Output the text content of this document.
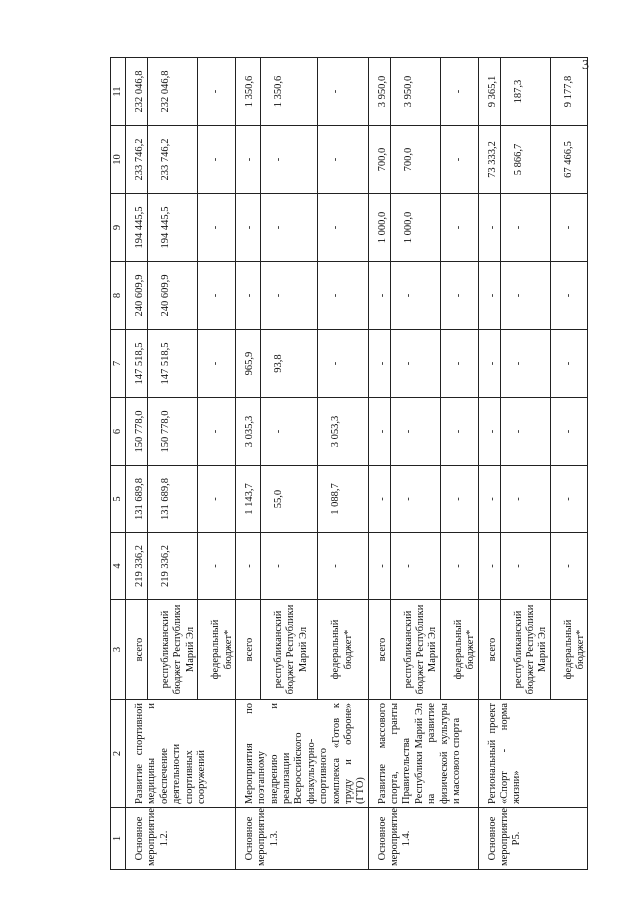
3
1	2	3	4	5	6	7	8	9	10	11
Основное мероприятие 1.2.	Развитие спортивной медицины и обеспечение деятельности спортивных сооружений	всего	219 336,2	131 689,8	150 778,0	147 518,5	240 609,9	194 445,5	233 746,2	232 046,8
		республиканский бюджет Республики Марий Эл	219 336,2	131 689,8	150 778,0	147 518,5	240 609,9	194 445,5	233 746,2	232 046,8
		федеральный бюджет*	-	-	-	-	-	-	-	-
Основное мероприятие 1.3.	Мероприятия по поэтапному внедрению и реализации Всероссийского физкультурно-спортивного комплекса «Готов к труду и обороне» (ГТО)	всего	-	1 143,7	3 035,3	965,9	-	-	-	1 350,6
		республиканский бюджет Республики Марий Эл	-	55,0	-	93,8	-	-	-	1 350,6
		федеральный бюджет*	-	1 088,7	3 053,3	-	-	-	-	-
Основное мероприятие 1.4.	Развитие массового спорта, гранты Правительства Республики Марий Эл на развитие физической культуры и массового спорта	всего	-	-	-	-	-	1 000,0	700,0	3 950,0
		республиканский бюджет Республики Марий Эл	-	-	-	-	-	1 000,0	700,0	3 950,0
		федеральный бюджет*	-	-	-	-	-	-	-	-
Основное мероприятие Р5.	Региональный проект «Спорт - норма жизни»	всего	-	-	-	-	-	-	73 333,2	9 365,1
		республиканский бюджет Республики Марий Эл	-	-	-	-	-	-	5 866,7	187,3
		федеральный бюджет*	-	-	-	-	-	-	67 466,5	9 177,8
